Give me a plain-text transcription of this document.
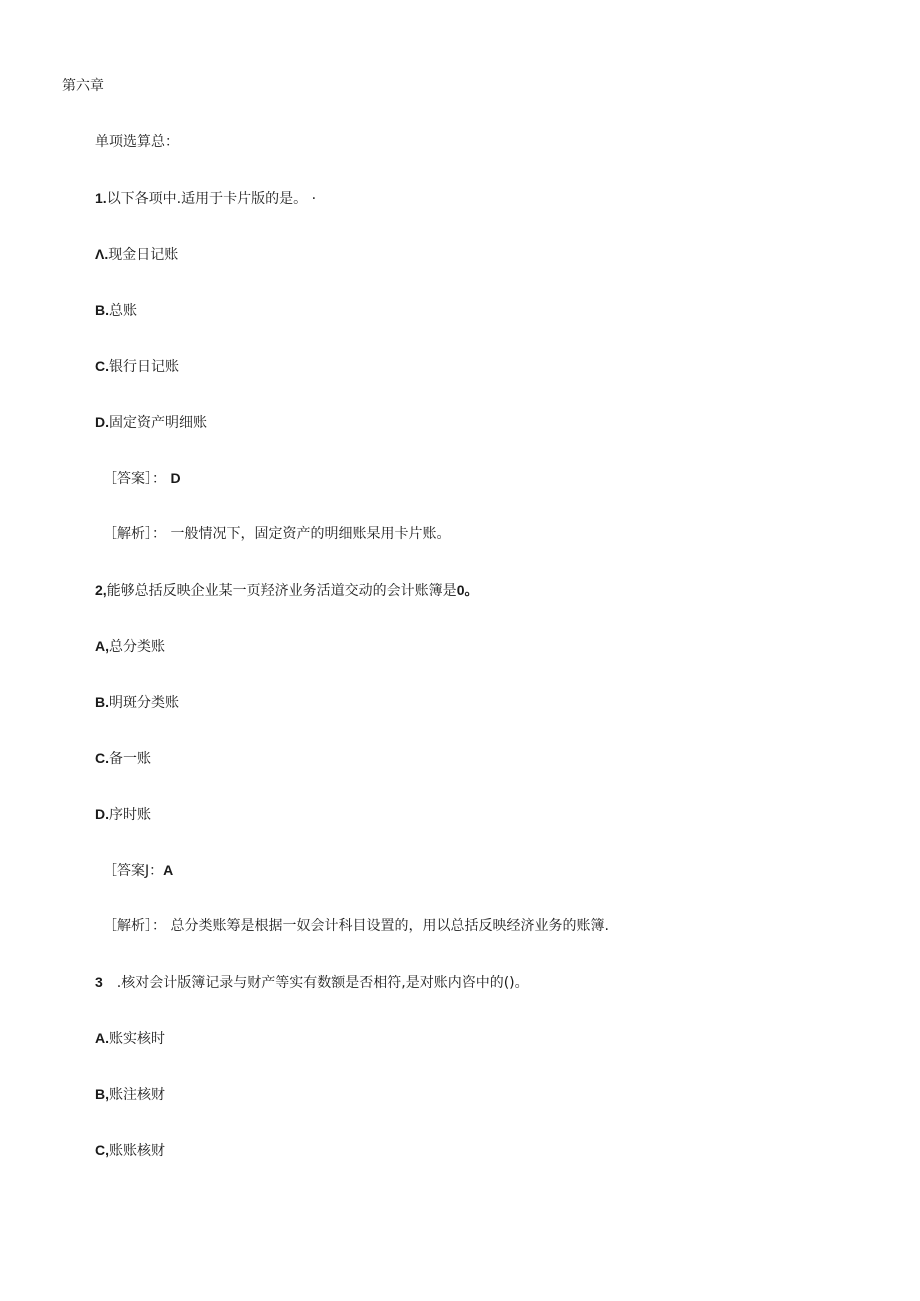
第六章
单项选算总：
1.以下各项中.适用于卡片版的是。 ·
Λ.现金日记账
B.总账
C.银行日记账
D.固定资产明细账
［答案］： D
［解析］： 一般情况下，固定资产的明细账杲用卡片账。
2,能够总括反映企业某一页羟济业务活道交动的会计账簿是0。
A,总分类账
B.明斑分类账
C.备一账
D.序时账
［答案J：A
［解析］： 总分类账筹是根据一奴会计科目设置的，用以总括反映经济业务的账簿.
3 .核对会计版簿记录与财产等实有数额是否相符,是对账内咨中的()。
A.账实核时
B,账注核财
C,账账核财
